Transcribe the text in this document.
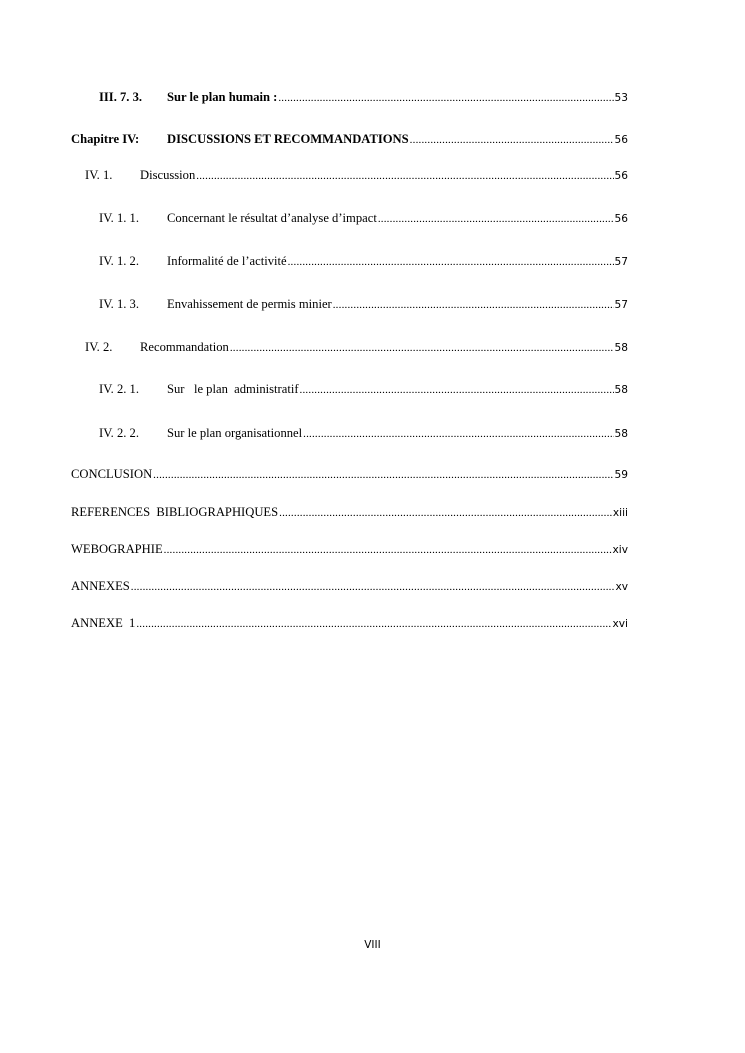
III. 7. 3.	Sur le plan humain : .....	53
Chapitre IV:	DISCUSSIONS ET RECOMMANDATIONS .....	56
IV. 1.	Discussion .....	56
IV. 1. 1.	Concernant le résultat d’analyse d’impact .....	56
IV. 1. 2.	Informalité de l’activité .....	57
IV. 1. 3.	Envahissement de permis minier .....	57
IV. 2.	Recommandation .....	58
IV. 2. 1.	Sur   le plan  administratif .....	58
IV. 2. 2.	Sur le plan organisationnel .....	58
CONCLUSION .....	59
REFERENCES  BIBLIOGRAPHIQUES .....	xiii
WEBOGRAPHIE .....	xiv
ANNEXES .....	xv
ANNEXE  1 .....	xvi
VIII
